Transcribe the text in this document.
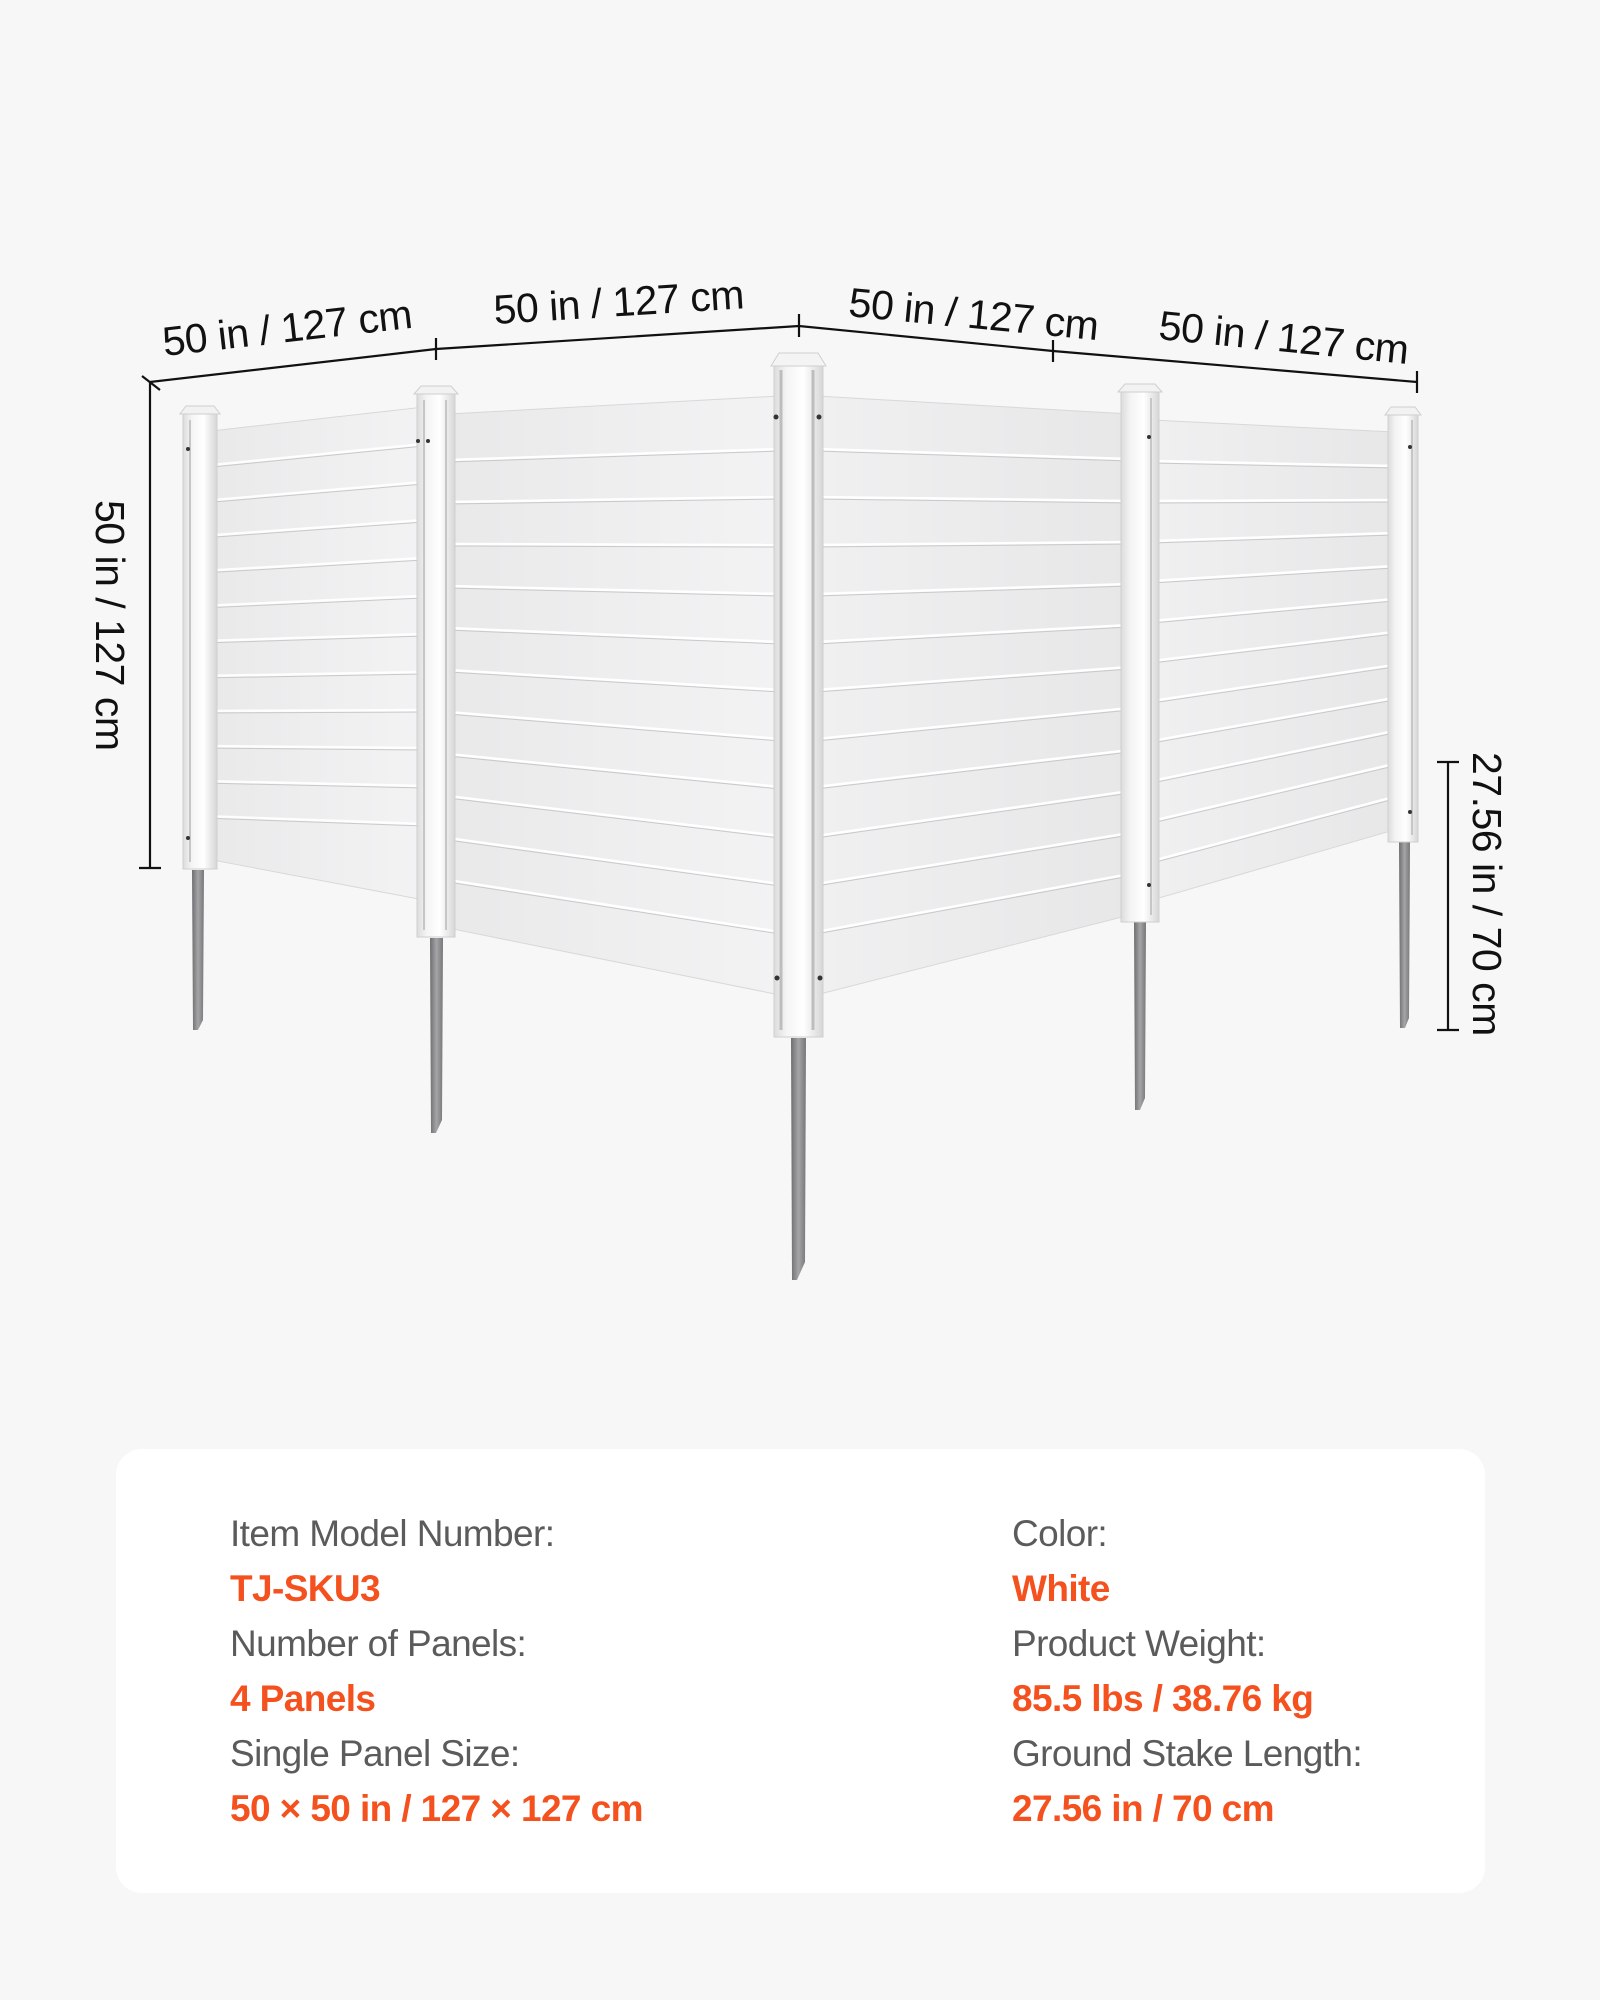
50 in / 127 cm 50 in / 127 cm 50 in / 127 cm 50 in / 127 cm
50 in / 127 cm
27.56 in / 70 cm
Item Model Number:
TJ-SKU3
Number of Panels:
4 Panels
Single Panel Size:
50 × 50 in / 127 × 127 cm
Color:
White
Product Weight:
85.5 lbs / 38.76 kg
Ground Stake Length:
27.56 in / 70 cm
